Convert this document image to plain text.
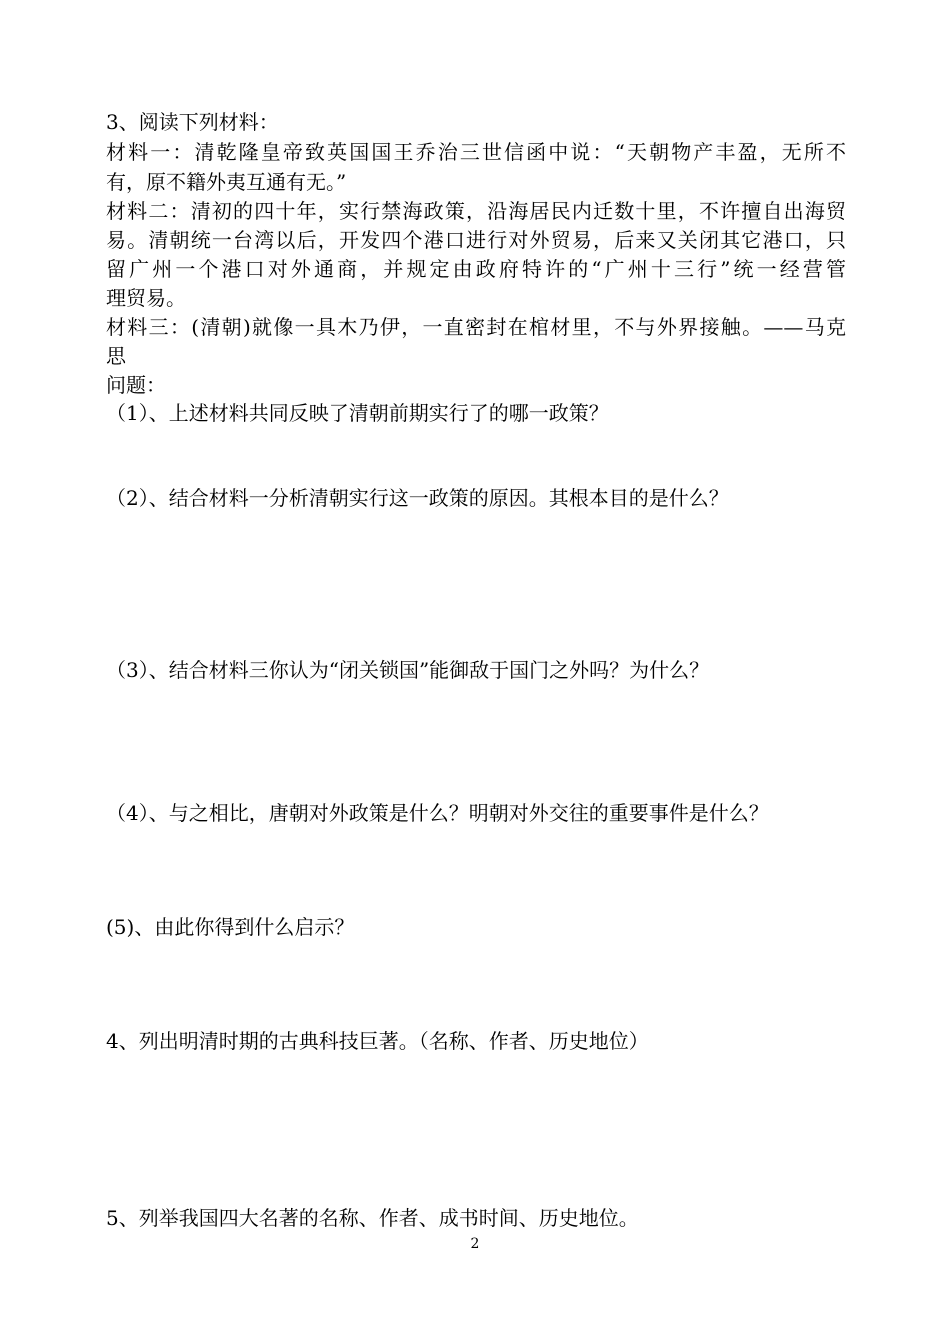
3、阅读下列材料：
材料一：清乾隆皇帝致英国国王乔治三世信函中说：“天朝物产丰盈，无所不
有，原不籍外夷互通有无。”
材料二：清初的四十年，实行禁海政策，沿海居民内迁数十里，不许擅自出海贸
易。清朝统一台湾以后，开发四个港口进行对外贸易，后来又关闭其它港口，只
留广州一个港口对外通商，并规定由政府特许的“广州十三行”统一经营管
理贸易。
材料三：(清朝)就像一具木乃伊，一直密封在棺材里，不与外界接触。——马克
思
问题：
（1）、上述材料共同反映了清朝前期实行了的哪一政策？
（2）、结合材料一分析清朝实行这一政策的原因。其根本目的是什么？
（3）、结合材料三你认为“闭关锁国”能御敌于国门之外吗？为什么？
（4）、与之相比，唐朝对外政策是什么？明朝对外交往的重要事件是什么？
(5)、由此你得到什么启示？
4、列出明清时期的古典科技巨著。（名称、作者、历史地位）
5、列举我国四大名著的名称、作者、成书时间、历史地位。
2
